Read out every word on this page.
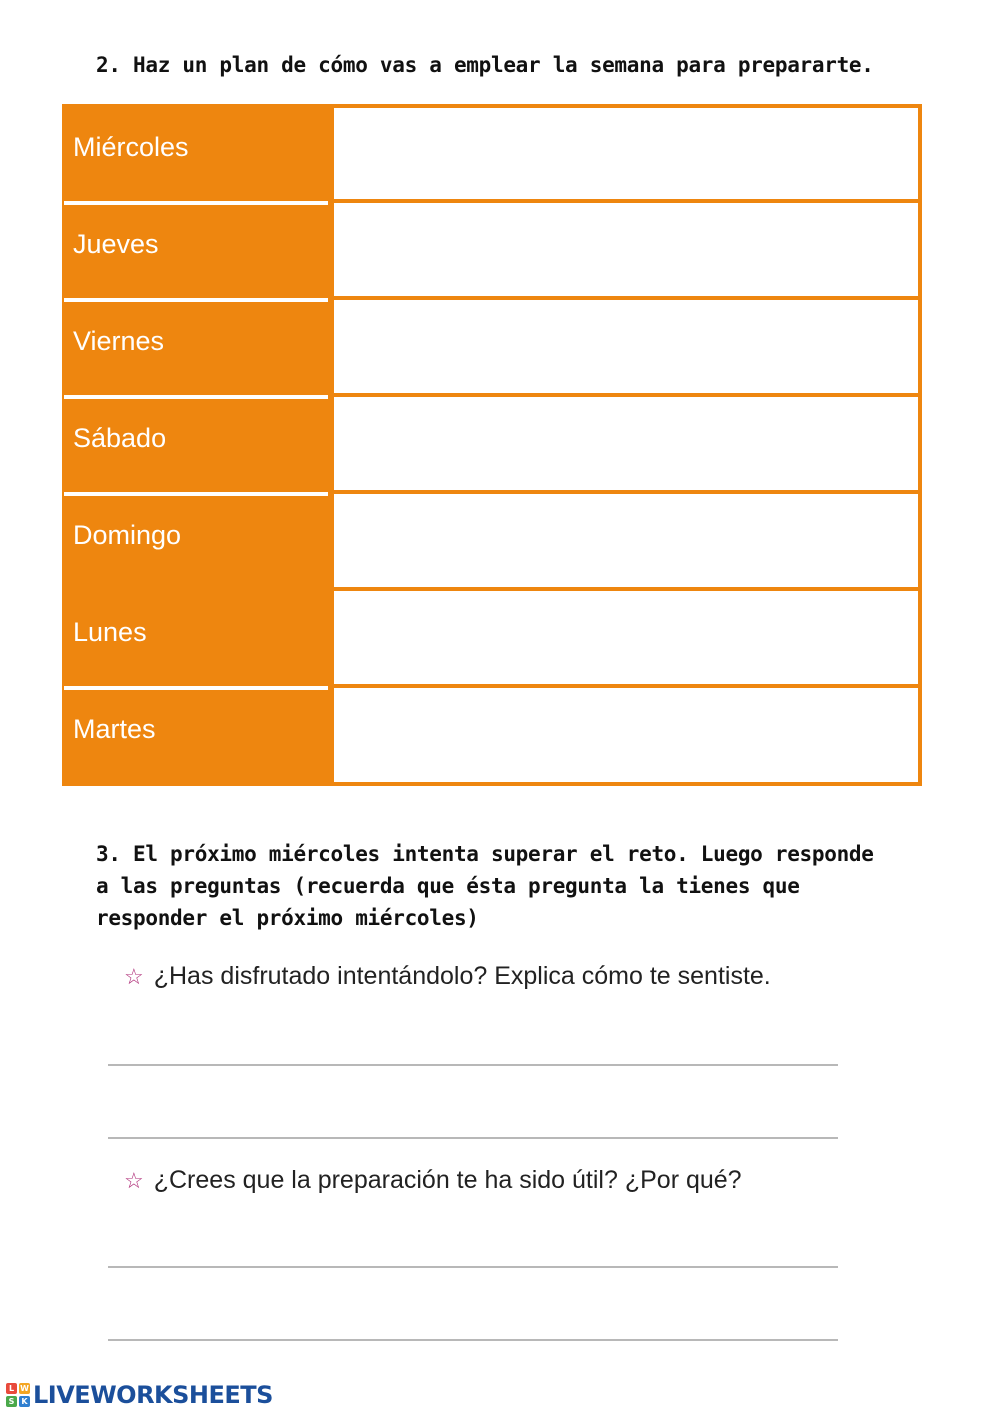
2. Haz un plan de cómo vas a emplear la semana para prepararte.
Miércoles
Jueves
Viernes
Sábado
Domingo
Lunes
Martes
3. El próximo miércoles intenta superar el reto. Luego responde a las preguntas (recuerda que ésta pregunta la tienes que responder el próximo miércoles)
☆ ¿Has disfrutado intentándolo? Explica cómo te sentiste.
☆ ¿Crees que la preparación te ha sido útil? ¿Por qué?
L W
S K LIVEWORKSHEETS
